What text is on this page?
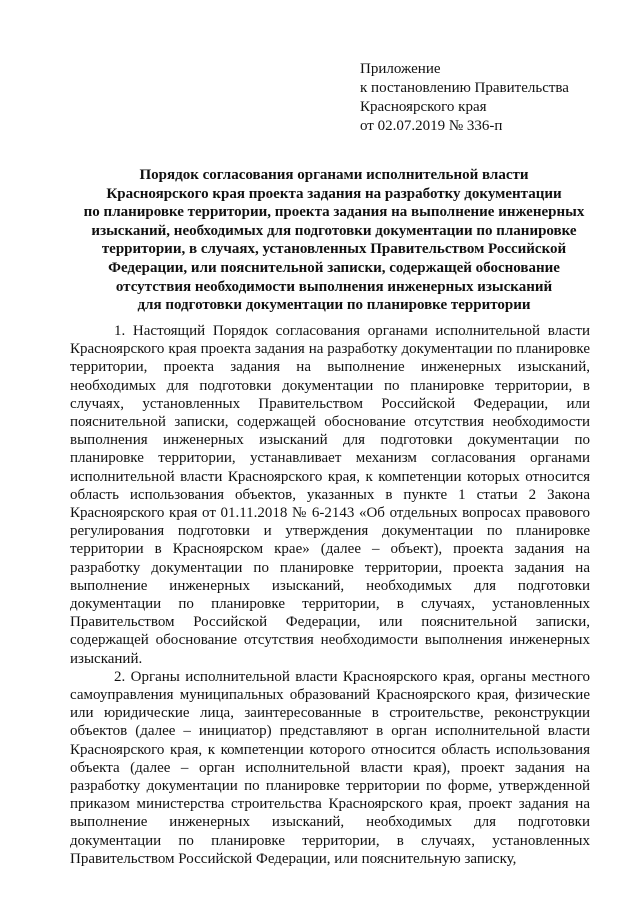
Приложение
к постановлению Правительства
Красноярского края
от 02.07.2019 № 336-п
Порядок согласования органами исполнительной власти
Красноярского края проекта задания на разработку документации
по планировке территории, проекта задания на выполнение инженерных
изысканий, необходимых для подготовки документации по планировке
территории, в случаях, установленных Правительством Российской
Федерации, или пояснительной записки, содержащей обоснование
отсутствия необходимости выполнения инженерных изысканий
для подготовки документации по планировке территории

1. Настоящий Порядок согласования органами исполнительной власти Красноярского края проекта задания на разработку документации по планировке территории, проекта задания на выполнение инженерных изысканий, необходимых для подготовки документации по планировке территории, в случаях, установленных Правительством Российской Федерации, или пояснительной записки, содержащей обоснование отсутствия необходимости выполнения инженерных изысканий для подготовки документации по планировке территории, устанавливает механизм согласования органами исполнительной власти Красноярского края, к компетенции которых относится область использования объектов, указанных в пункте 1 статьи 2 Закона Красноярского края от 01.11.2018 № 6-2143 «Об отдельных вопросах правового регулирования подготовки и утверждения документации по планировке территории в Красноярском крае» (далее – объект), проекта задания на разработку документации по планировке территории, проекта задания на выполнение инженерных изысканий, необходимых для подготовки документации по планировке территории, в случаях, установленных Правительством Российской Федерации, или пояснительной записки, содержащей обоснование отсутствия необходимости выполнения инженерных изысканий.

2. Органы исполнительной власти Красноярского края, органы местного самоуправления муниципальных образований Красноярского края, физические или юридические лица, заинтересованные в строительстве, реконструкции объектов (далее – инициатор) представляют в орган исполнительной власти Красноярского края, к компетенции которого относится область использования объекта (далее – орган исполнительной власти края), проект задания на разработку документации по планировке территории по форме, утвержденной приказом министерства строительства Красноярского края, проект задания на выполнение инженерных изысканий, необходимых для подготовки документации по планировке территории, в случаях, установленных Правительством Российской Федерации, или пояснительную записку,
